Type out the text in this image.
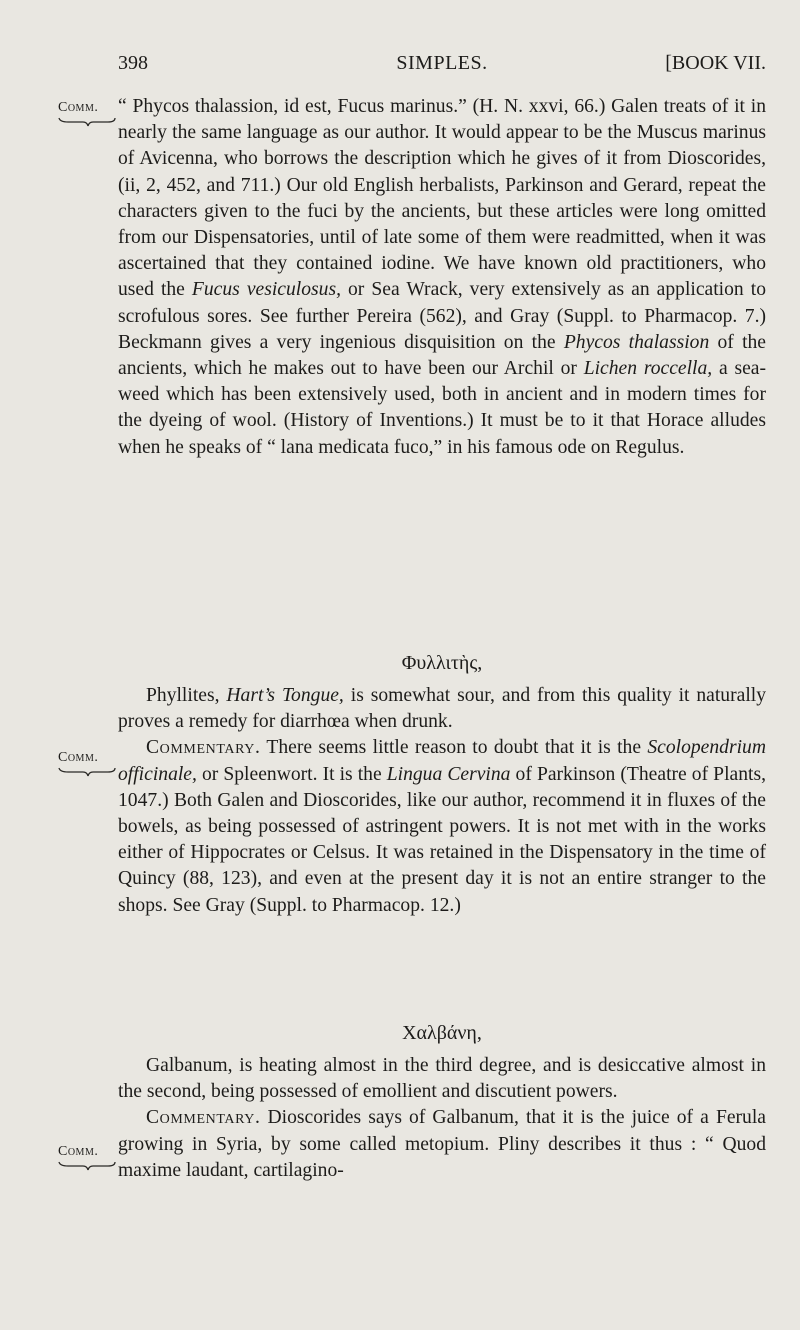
398	SIMPLES.	[BOOK VII.
Comm.	“ Phycos thalassion, id est, Fucus marinus.” (H. N. xxvi, 66.) Galen treats of it in nearly the same language as our author. It would appear to be the Muscus marinus of Avicenna, who borrows the description which he gives of it from Dioscorides, (ii, 2, 452, and 711.) Our old English herbalists, Parkinson and Gerard, repeat the characters given to the fuci by the ancients, but these articles were long omitted from our Dispensatories, until of late some of them were readmitted, when it was ascertained that they contained iodine. We have known old practitioners, who used the Fucus vesiculosus, or Sea Wrack, very extensively as an application to scrofulous sores. See further Pereira (562), and Gray (Suppl. to Pharmacop. 7.) Beckmann gives a very ingenious disquisition on the Phycos thalassion of the ancients, which he makes out to have been our Archil or Lichen roccella, a sea-weed which has been extensively used, both in ancient and in modern times for the dyeing of wool. (History of Inventions.) It must be to it that Horace alludes when he speaks of “ lana medicata fuco,” in his famous ode on Regulus.

Φυλλιτὴς,

Phyllites, Hart’s Tongue, is somewhat sour, and from this quality it naturally proves a remedy for diarrhœa when drunk.

Commentary. There seems little reason to doubt that it is the Scolopendrium officinale, or Spleenwort. It is the Lingua Cervina of Parkinson (Theatre of Plants, 1047.) Both Galen and Dioscorides, like our author, recommend it in fluxes of the bowels, as being possessed of astringent powers. It is not met with in the works either of Hippocrates or Celsus. It was retained in the Dispensatory in the time of Quincy (88, 123), and even at the present day it is not an entire stranger to the shops. See Gray (Suppl. to Pharmacop. 12.)

Comm.
Χαλβάνη,

Galbanum, is heating almost in the third degree, and is desiccative almost in the second, being possessed of emollient and discutient powers.

Commentary. Dioscorides says of Galbanum, that it is the juice of a Ferula growing in Syria, by some called metopium. Pliny describes it thus : “ Quod maxime laudant, cartilagino-

Comm.
